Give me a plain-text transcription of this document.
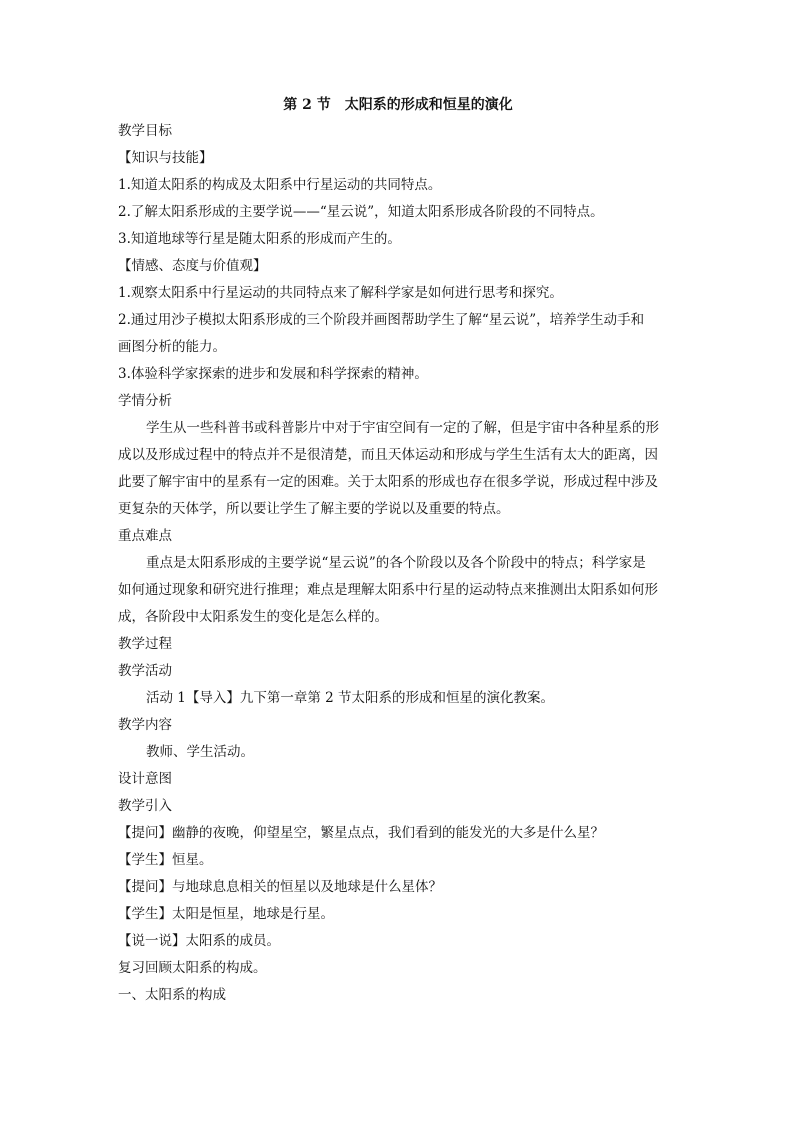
第 2 节　太阳系的形成和恒星的演化
教学目标
【知识与技能】
1.知道太阳系的构成及太阳系中行星运动的共同特点。
2.了解太阳系形成的主要学说——“星云说”，知道太阳系形成各阶段的不同特点。
3.知道地球等行星是随太阳系的形成而产生的。
【情感、态度与价值观】
1.观察太阳系中行星运动的共同特点来了解科学家是如何进行思考和探究。
2.通过用沙子模拟太阳系形成的三个阶段并画图帮助学生了解“星云说”，培养学生动手和
画图分析的能力。
3.体验科学家探索的进步和发展和科学探索的精神。
学情分析
学生从一些科普书或科普影片中对于宇宙空间有一定的了解，但是宇宙中各种星系的形
成以及形成过程中的特点并不是很清楚，而且天体运动和形成与学生生活有太大的距离，因
此要了解宇宙中的星系有一定的困难。关于太阳系的形成也存在很多学说，形成过程中涉及
更复杂的天体学，所以要让学生了解主要的学说以及重要的特点。
重点难点
重点是太阳系形成的主要学说“星云说”的各个阶段以及各个阶段中的特点；科学家是
如何通过现象和研究进行推理；难点是理解太阳系中行星的运动特点来推测出太阳系如何形
成，各阶段中太阳系发生的变化是怎么样的。
教学过程
教学活动
活动 1【导入】九下第一章第 2 节太阳系的形成和恒星的演化教案。
教学内容
教师、学生活动。
设计意图
教学引入
【提问】幽静的夜晚，仰望星空，繁星点点，我们看到的能发光的大多是什么星？
【学生】恒星。
【提问】与地球息息相关的恒星以及地球是什么星体？
【学生】太阳是恒星，地球是行星。
【说一说】太阳系的成员。
复习回顾太阳系的构成。
一、太阳系的构成
